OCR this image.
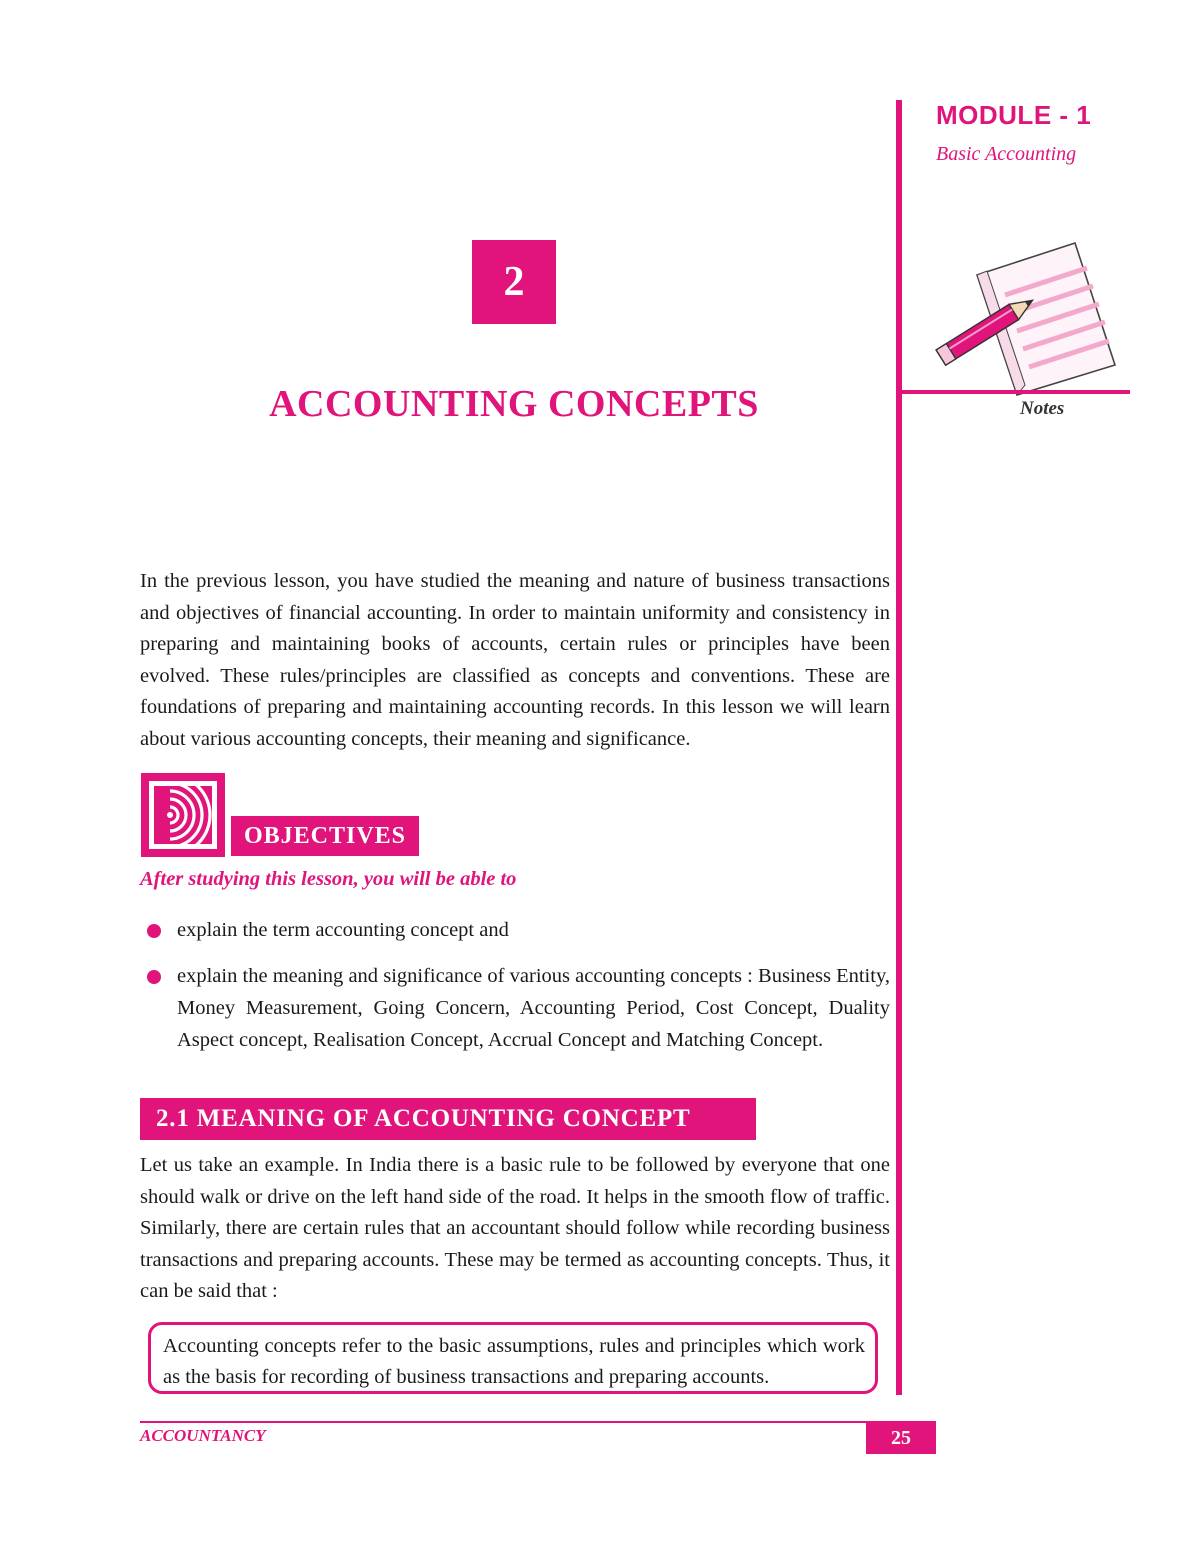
MODULE - 1
Basic Accounting
Notes
2
ACCOUNTING CONCEPTS
In the previous lesson, you have studied the meaning and nature of business transactions and objectives of financial accounting. In order to maintain uniformity and consistency in preparing and maintaining books of accounts, certain rules or principles have been evolved. These rules/principles are classified as concepts and conventions. These are foundations of preparing and maintaining accounting records. In this lesson we will learn about various accounting concepts, their meaning and significance.
OBJECTIVES
After studying this lesson, you will be able to
explain the term accounting concept and
explain the meaning and significance of various accounting concepts : Business Entity, Money Measurement, Going Concern, Accounting Period, Cost Concept, Duality Aspect concept, Realisation Concept, Accrual Concept and Matching Concept.
2.1 MEANING OF ACCOUNTING CONCEPT
Let us take an example. In India there is a basic rule to be followed by everyone that one should walk or drive on the left hand side of the road. It helps in the smooth flow of traffic. Similarly, there are certain rules that an accountant should follow while recording business transactions and preparing accounts. These may be termed as accounting concepts. Thus, it can be said that :
Accounting concepts refer to the basic assumptions, rules and principles which work as the basis for recording of business transactions and preparing accounts.
ACCOUNTANCY	25
